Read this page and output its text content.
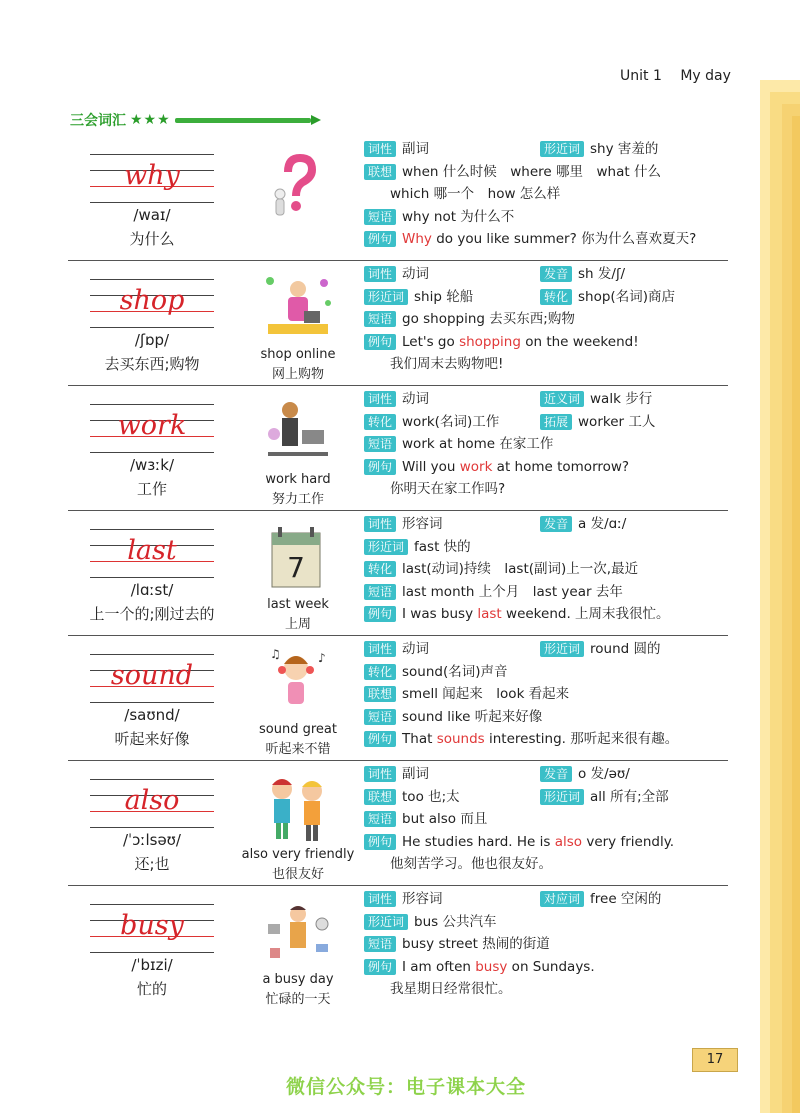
Unit 1 My day
三会词汇 ★★★
why
/waɪ/
为什么
词性 副词	形近词 shy 害羞的
联想 when 什么时候　where 哪里　what 什么
which 哪一个　how 怎么样
短语 why not 为什么不
例句 Why do you like summer? 你为什么喜欢夏天?
shop
/ʃɒp/
去买东西;购物
shop online
网上购物
词性 动词	发音 sh 发/ʃ/
形近词 ship 轮船	转化 shop(名词)商店
短语 go shopping 去买东西;购物
例句 Let's go shopping on the weekend!
我们周末去购物吧!
work
/wɜːk/
工作
work hard
努力工作
词性 动词	近义词 walk 步行
转化 work(名词)工作	拓展 worker 工人
短语 work at home 在家工作
例句 Will you work at home tomorrow?
你明天在家工作吗?
last
/lɑːst/
上一个的;刚过去的
7
last week
上周
词性 形容词	发音 a 发/ɑː/
形近词 fast 快的
转化 last(动词)持续　last(副词)上一次,最近
短语 last month 上个月　last year 去年
例句 I was busy last weekend. 上周末我很忙。
sound
/saʊnd/
听起来好像
♪
♫
sound great
听起来不错
词性 动词	形近词 round 圆的
转化 sound(名词)声音
联想 smell 闻起来　look 看起来
短语 sound like 听起来好像
例句 That sounds interesting. 那听起来很有趣。
also
/ˈɔːlsəʊ/
还;也
also very friendly
也很友好
词性 副词	发音 o 发/əʊ/
联想 too 也;太	形近词 all 所有;全部
短语 but also 而且
例句 He studies hard. He is also very friendly.
他刻苦学习。他也很友好。
busy
/ˈbɪzi/
忙的
a busy day
忙碌的一天
词性 形容词	对应词 free 空闲的
形近词 bus 公共汽车
短语 busy street 热闹的街道
例句 I am often busy on Sundays.
我星期日经常很忙。
17
微信公众号：电子课本大全
